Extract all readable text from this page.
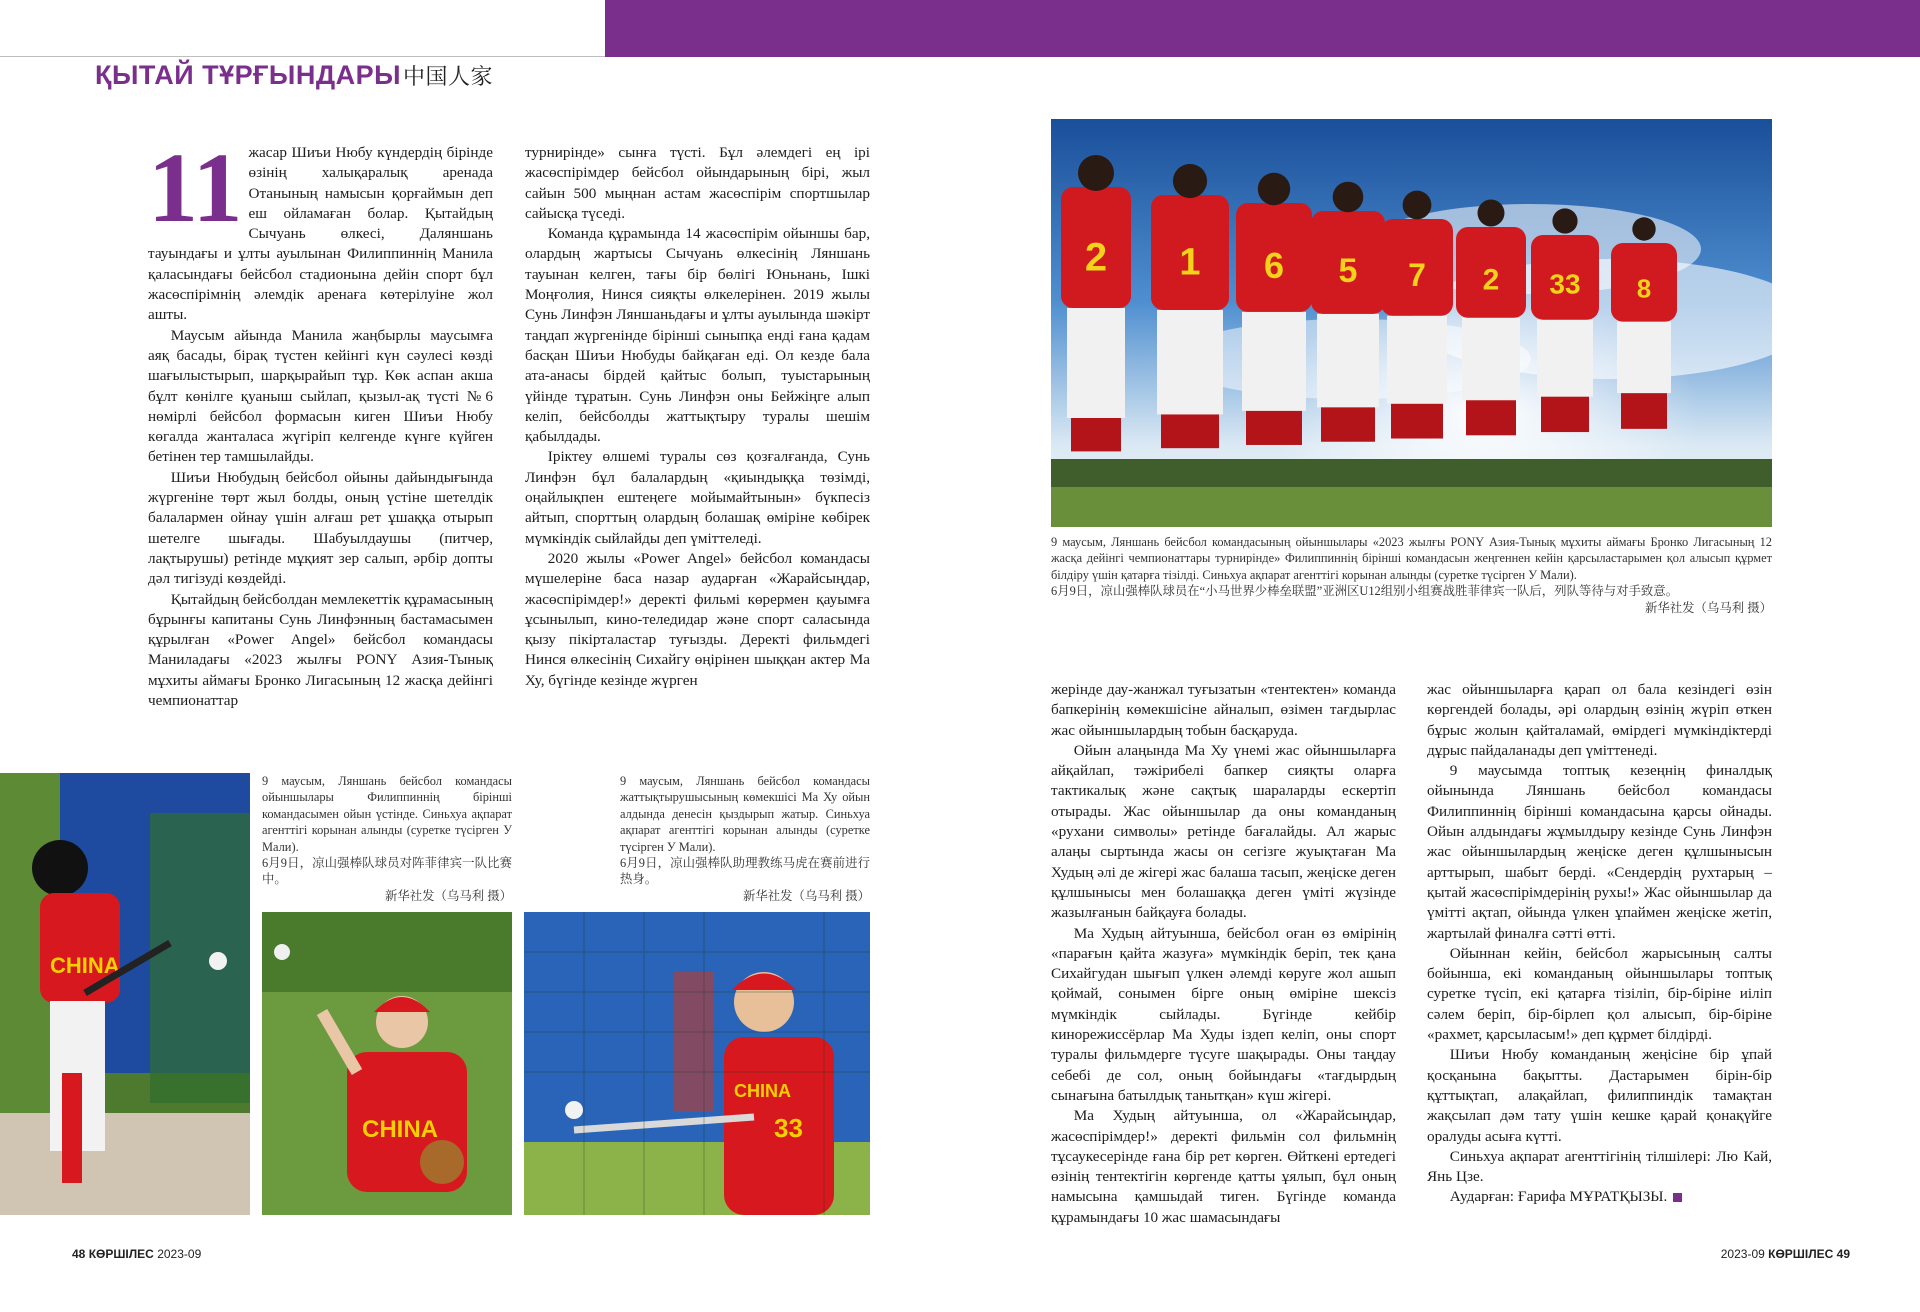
ҚЫТАЙ ТҰРҒЫНДАРЫ中国人家

11 жасар Шиъи Нюбу күндердің бірінде өзінің халықаралық аренада Отанының намысын қорғаймын деп еш ойламаған болар. Қытайдың Сычуань өлкесі, Даляншань тауындағы и ұлты ауылынан Филиппиннің Манила қаласындағы бейсбол стадионына дейін спорт бұл жасөспірімнің әлемдік аренаға көтерілуіне жол ашты.

Маусым айында Манила жаңбырлы маусымға аяқ басады, бірақ түстен кейінгі күн сәулесі көзді шағылыстырып, шарқырайып тұр. Көк аспан акша бұлт көнілге қуаныш сыйлап, қызыл-ақ түсті №6 нөмірлі бейсбол формасын киген Шиъи Нюбу көгалда жанталаса жүгіріп келгенде күнге күйген бетінен тер тамшылайды.

Шиъи Нюбудың бейсбол ойыны дайындығында жүргеніне төрт жыл болды, оның үстіне шетелдік балалармен ойнау үшін алғаш рет ұшаққа отырып шетелге шығады. Шабуылдаушы (питчер, лақтырушы) ретінде мұқият зер салып, әрбір допты дәл тигізуді көздейді.

Қытайдың бейсболдан мемлекеттік құрамасының бұрынғы капитаны Сунь Линфэнның бастамасымен құрылған «Power Angel» бейсбол командасы Маниладағы «2023 жылғы PONY Азия-Тынық мұхиты аймағы Бронко Лигасының 12 жасқа дейінгі чемпионаттар

турнирінде» сынға түсті. Бұл әлемдегі ең ірі жасөспірімдер бейсбол ойындарының бірі, жыл сайын 500 мыңнан астам жасөспірім спортшылар сайысқа түседі.

Команда құрамында 14 жасөспірім ойыншы бар, олардың жартысы Сычуань өлкесінің Ляншань тауынан келген, тағы бір бөлігі Юньнань, Ішкі Моңғолия, Нинся сияқты өлкелерінен. 2019 жылы Сунь Линфэн Ляншаньдағы и ұлты ауылында шәкірт таңдап жүргенінде бірінші сыныпқа енді ғана қадам басқан Шиъи Нюбуды байқаған еді. Ол кезде бала ата-анасы бірдей қайтыс болып, туыстарының үйінде тұратын. Сунь Линфэн оны Бейжіңге алып келіп, бейсболды жаттықтыру туралы шешім қабылдады.

Іріктеу өлшемі туралы сөз қозғалғанда, Сунь Линфэн бұл балалардың «қиындыққа төзімді, оңайлықпен ештеңеге мойымайтынын» бүкпесіз айтып, спорттың олардың болашақ өміріне көбірек мүмкіндік сыйлайды деп үміттеледі.

2020 жылы «Power Angel» бейсбол командасы мүшелеріне баса назар аударған «Жарайсыңдар, жасөспірімдер!» деректі фильмі көрермен қауымға ұсынылып, кино-теледидар және спорт саласында қызу пікірталастар туғызды. Деректі фильмдегі Нинся өлкесінің Сихайгу өңірінен шыққан актер Ма Ху, бүгінде кезінде жүрген

2 1 6 5 7 2 33 8
9 маусым, Ляншань бейсбол командасының ойыншылары «2023 жылғы PONY Азия-Тынық мұхиты аймағы Бронко Лигасының 12 жасқа дейінгі чемпионаттары турнирінде» Филиппиннің бірінші командасын жеңгеннен кейін қарсыластарымен қол алысып құрмет білдіру үшін қатарға тізілді. Синьхуа ақпарат агенттігі корынан алынды (суретке түсірген У Мали).
6月9日，凉山强棒队球员在“小马世界少棒垒联盟”亚洲区U12组别小组赛战胜菲律宾一队后，列队等待与对手致意。
新华社发（乌马利 摄）
CHINA
9 маусым, Ляншань бейсбол командасы ойыншылары Филиппиннің бірінші командасымен ойын үстінде. Синьхуа ақпарат агенттігі корынан алынды (суретке түсірген У Мали).
6月9日，凉山强棒队球员对阵菲律宾一队比赛中。
新华社发（乌马利 摄）
CHINA
9 маусым, Ляншань бейсбол командасы жаттықтырушысының көмекшісі Ма Ху ойын алдында денесін қыздырып жатыр. Синьхуа ақпарат агенттігі корынан алынды (суретке түсірген У Мали).
6月9日，凉山强棒队助理教练马虎在赛前进行热身。
新华社发（乌马利 摄）
33
CHINA

жерінде дау-жанжал туғызатын «тентектен» команда бапкерінің көмекшісіне айналып, өзімен тағдырлас жас ойыншылардың тобын басқаруда.

Ойын алаңында Ма Ху үнемі жас ойыншыларға айқайлап, тәжірибелі бапкер сияқты оларға тактикалық және сақтық шараларды ескертіп отырады. Жас ойыншылар да оны команданың «рухани символы» ретінде бағалайды. Ал жарыс алаңы сыртында жасы он сегізге жуықтаған Ма Худың әлі де жігері жас балаша тасып, жеңіске деген құлшынысы мен болашаққа деген үміті жүзінде жазылғанын байқауға болады.

Ма Худың айтуынша, бейсбол оған өз өмірінің «парағын қайта жазуға» мүмкіндік беріп, тек қана Сихайгудан шығып үлкен әлемді көруге жол ашып қоймай, сонымен бірге оның өміріне шексіз мүмкіндік сыйлады. Бүгінде кейбір кинорежиссёрлар Ма Худы іздеп келіп, оны спорт туралы фильмдерге түсуге шақырады. Оны таңдау себебі де сол, оның бойындағы «тағдырдың сынағына батылдық танытқан» күш жігері.

Ма Худың айтуынша, ол «Жарайсыңдар, жасөспірімдер!» деректі фильмін сол фильмнің тұсаукесерінде ғана бір рет көрген. Өйткені ертедегі өзінің тентектігін көргенде қатты ұялып, бұл оның намысына қамшыдай тиген. Бүгінде команда құрамындағы 10 жас шамасындағы

жас ойыншыларға қарап ол бала кезіндегі өзін көргендей болады, әрі олардың өзінің жүріп өткен бұрыс жолын қайталамай, өмірдегі мүмкіндіктерді дұрыс пайдаланады деп үміттенеді.

9 маусымда топтық кезеңнің финалдық ойынында Ляншань бейсбол командасы Филиппиннің бірінші командасына қарсы ойнады. Ойын алдындағы жұмылдыру кезінде Сунь Линфэн жас ойыншылардың жеңіске деген құлшынысын арттырып, шабыт берді. «Сендердің рухтарың – қытай жасөспірімдерінің рухы!» Жас ойыншылар да үмітті ақтап, ойында үлкен ұпаймен жеңіске жетіп, жартылай финалға сәтті өтті.

Ойыннан кейін, бейсбол жарысының салты бойынша, екі команданың ойыншылары топтық суретке түсіп, екі қатарға тізіліп, бір-біріне иіліп сәлем беріп, бір-бірлеп қол алысып, бір-біріне «рахмет, қарсыласым!» деп құрмет білдірді.

Шиъи Нюбу команданың жеңісіне бір ұпай қосқанына бақытты. Дастарымен бірін-бір құттықтап, алақайлап, филиппиндік тамақтан жақсылап дәм тату үшін кешке қарай қонақүйге оралуды асыға күтті.

Синьхуа ақпарат агенттігінің тілшілері: Лю Кай, Янь Цзе.

Аударған: Ғарифа МҰРАТҚЫЗЫ.

48 КӨРШІЛЕС 2023-09	2023-09 КӨРШІЛЕС 49
